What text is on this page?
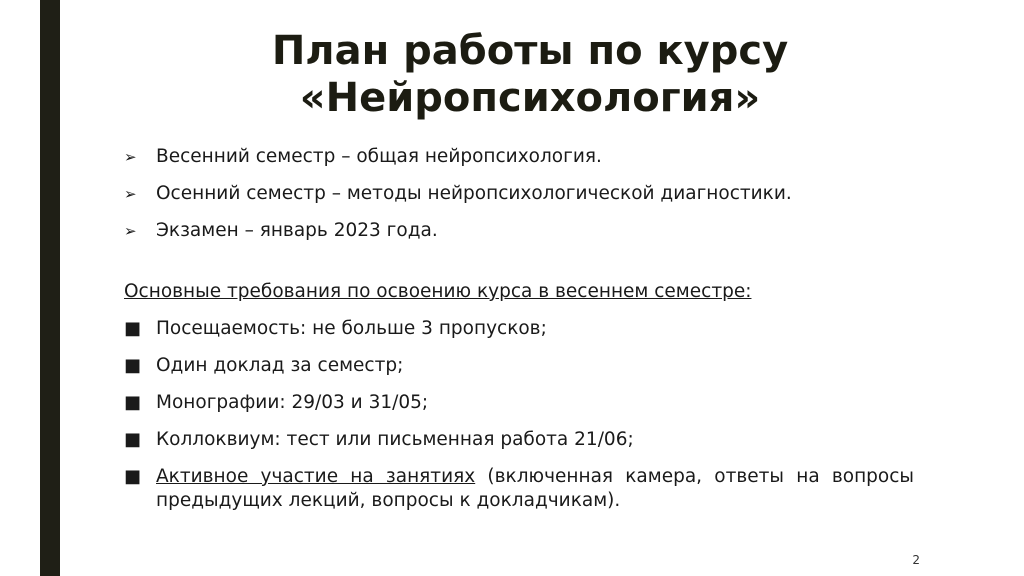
План работы по курсу
«Нейропсихология»
➢	Весенний семестр – общая нейропсихология.
➢	Осенний семестр – методы нейропсихологической диагностики.
➢	Экзамен – январь 2023 года.
Основные требования по освоению курса в весеннем семестре:
■ Посещаемость: не больше 3 пропусков;
■ Один доклад за семестр;
■ Монографии: 29/03 и 31/05;
■ Коллоквиум: тест или письменная работа 21/06;
■ Активное участие на занятиях (включенная камера, ответы на вопросы предыдущих лекций, вопросы к докладчикам).
2
